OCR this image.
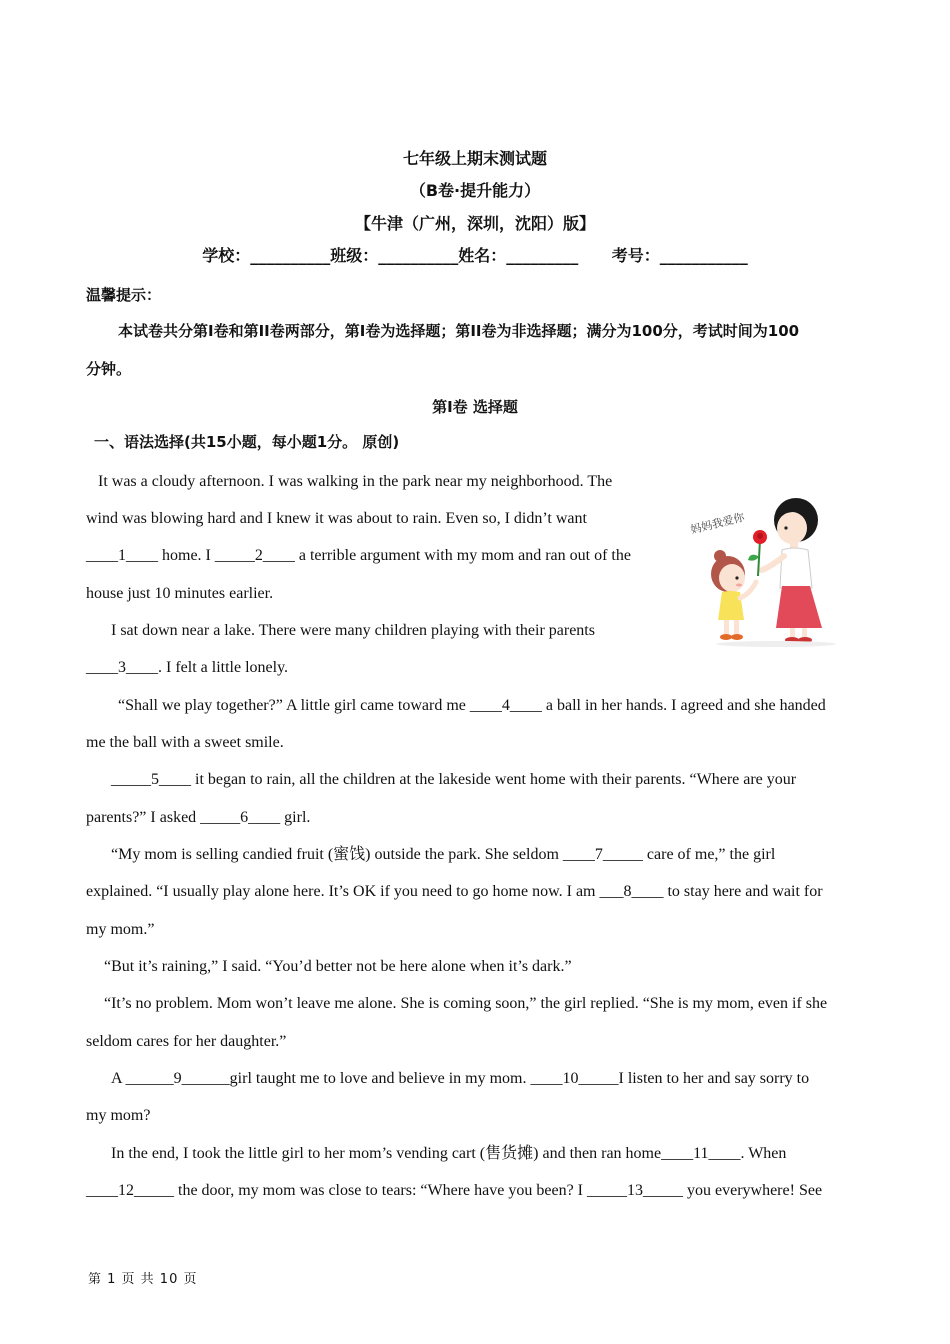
七年级上期末测试题
（B卷·提升能力）
【牛津（广州，深圳，沈阳）版】
学校：__________班级：__________姓名：_________      考号：___________
温馨提示：
本试卷共分第I卷和第II卷两部分，第I卷为选择题；第II卷为非选择题；满分为100分，考试时间为100
分钟。
第I卷 选择题
一、语法选择(共15小题，每小题1分。 原创)
It was a cloudy afternoon. I was walking in the park near my neighborhood. The
wind was blowing hard and I knew it was about to rain. Even so, I didn’t want
____1____ home. I _____2____ a terrible argument with my mom and ran out of the
house just 10 minutes earlier.
I sat down near a lake. There were many children playing with their parents
____3____. I felt a little lonely.
“Shall we play together?” A little girl came toward me ____4____ a ball in her hands. I agreed and she handed
me the ball with a sweet smile.
_____5____ it began to rain, all the children at the lakeside went home with their parents. “Where are your
parents?” I asked _____6____ girl.
“My mom is selling candied fruit (蜜饯) outside the park. She seldom ____7_____ care of me,” the girl
explained. “I usually play alone here. It’s OK if you need to go home now. I am ___8____ to stay here and wait for
my mom.”
“But it’s raining,” I said. “You’d better not be here alone when it’s dark.”
“It’s no problem. Mom won’t leave me alone. She is coming soon,” the girl replied. “She is my mom, even if she
seldom cares for her daughter.”
A ______9______girl taught me to love and believe in my mom. ____10_____I listen to her and say sorry to
my mom?
In the end, I took the little girl to her mom’s vending cart (售货摊) and then ran home____11____. When
____12_____ the door, my mom was close to tears: “Where have you been? I _____13_____ you everywhere! See
妈妈我爱你
第 1 页 共 10 页
